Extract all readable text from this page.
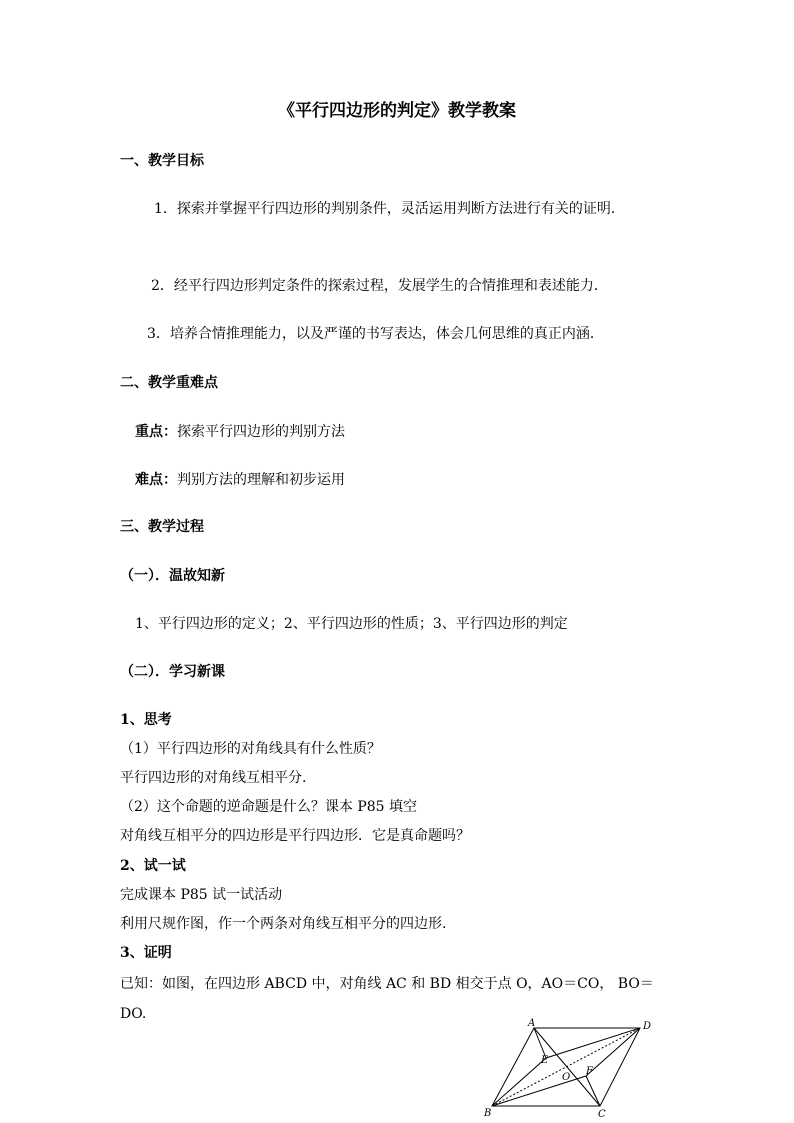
《平行四边形的判定》教学教案
一、教学目标
1．探索并掌握平行四边形的判别条件，灵活运用判断方法进行有关的证明．
2．经平行四边形判定条件的探索过程，发展学生的合情推理和表述能力．
3．培养合情推理能力，以及严谨的书写表达，体会几何思维的真正内涵．
二、教学重难点
重点：探索平行四边形的判别方法
难点：判别方法的理解和初步运用
三、教学过程
（一）．温故知新
1、平行四边形的定义；2、平行四边形的性质；3、平行四边形的判定
（二）．学习新课
1、思考
（1）平行四边形的对角线具有什么性质？
平行四边形的对角线互相平分.
（2）这个命题的逆命题是什么？课本 P85 填空
对角线互相平分的四边形是平行四边形．它是真命题吗？
2、试一试
完成课本 P85 试一试活动
利用尺规作图，作一个两条对角线互相平分的四边形.
3、证明
已知：如图，在四边形 ABCD 中，对角线 AC 和 BD 相交于点 O，AO＝CO， BO＝DO.
A	D
B	C
E
F
O
